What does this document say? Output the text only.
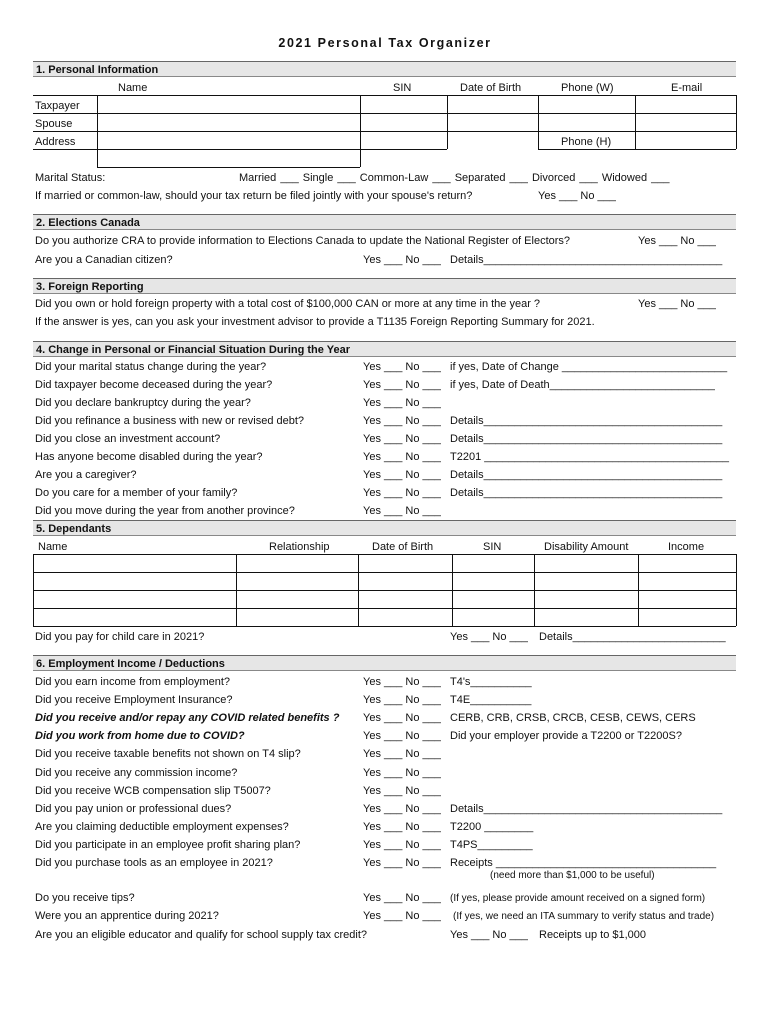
2021 Personal Tax Organizer
1. Personal Information
Name	SIN	Date of Birth	Phone (W)	E-mail
Taxpayer
Spouse
Address	Phone (H)
Marital Status:	Married ___ Single ___ Common-Law ___ Separated ___ Divorced ___ Widowed ___
If married or common-law, should your tax return be filed jointly with your spouse's return?	Yes ___ No ___
2. Elections Canada
Do you authorize CRA to provide information to Elections Canada to update the National Register of Electors?	Yes ___ No ___
Are you a Canadian citizen?	Yes ___ No ___ Details_______________________________________
3. Foreign Reporting
Did you own or hold foreign property with a total cost of $100,000 CAN or more at any time in the year ?	Yes ___ No ___
If the answer is yes, can you ask your investment advisor to provide a T1135 Foreign Reporting Summary for 2021.
4. Change in Personal or Financial Situation During the Year
Did your marital status change during the year?	Yes ___ No ___ if yes, Date of Change ___________________________
Did taxpayer become deceased during the year?	Yes ___ No ___ if yes, Date of Death___________________________
Did you declare bankruptcy during the year?	Yes ___ No ___
Did you refinance a business with new or revised debt?	Yes ___ No ___ Details_______________________________________
Did you close an investment account?	Yes ___ No ___ Details_______________________________________
Has anyone become disabled during the year?	Yes ___ No ___ T2201 ________________________________________
Are you a caregiver?	Yes ___ No ___ Details_______________________________________
Do you care for a member of your family?	Yes ___ No ___ Details_______________________________________
Did you move during the year from another province?	Yes ___ No ___
5. Dependants
Name	Relationship	Date of Birth	SIN	Disability Amount	Income
Did you pay for child care in 2021?	Yes ___ No ___ Details_________________________
6. Employment Income / Deductions
Did you earn income from employment?	Yes ___ No ___ T4's__________
Did you receive Employment Insurance?	Yes ___ No ___ T4E__________
Did you receive and/or repay any COVID related benefits ? Yes ___ No ___ CERB, CRB, CRSB, CRCB, CESB, CEWS, CERS
Did you work from home due to COVID?	Yes ___ No ___ Did your employer provide a T2200 or T2200S?
Did you receive taxable benefits not shown on T4 slip?	Yes ___ No ___
Did you receive any commission income?	Yes ___ No ___
Did you receive WCB compensation slip T5007?	Yes ___ No ___
Did you pay union or professional dues?	Yes ___ No ___ Details_______________________________________
Are you claiming deductible employment expenses?	Yes ___ No ___ T2200 ________
Did you participate in an employee profit sharing plan?	Yes ___ No ___ T4PS_________
Did you purchase tools as an employee in 2021?	Yes ___ No ___ Receipts ____________________________________
(need more than $1,000 to be useful)
Do you receive tips?	Yes ___ No ___ (If yes, please provide amount received on a signed form)
Were you an apprentice during 2021?	Yes ___ No ___ (If yes, we need an ITA summary to verify status and trade)
Are you an eligible educator and qualify for school supply tax credit?	Yes ___ No ___ Receipts up to $1,000
